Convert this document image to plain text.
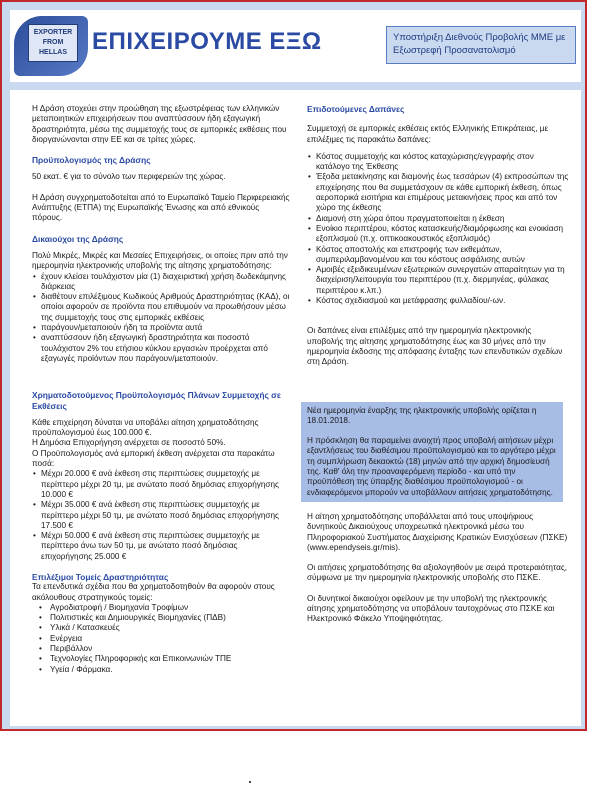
EXPORTER
FROM
HELLAS	ΕΠΙΧΕΙΡΟΥΜΕ ΕΞΩ	Υποστήριξη Διεθνούς Προβολής ΜΜΕ με Εξωστρεφή Προσανατολισμό

Η Δράση στοχεύει στην προώθηση της εξωστρέφειας των ελληνικών μεταποιητικών επιχειρήσεων που αναπτύσσουν ήδη εξαγωγική δραστηριότητα, μέσω της συμμετοχής τους σε εμπορικές εκθέσεις που διοργανώνονται στην ΕΕ και σε τρίτες χώρες.

Προϋπολογισμός της Δράσης

50 εκατ. € για το σύνολο των περιφερειών της χώρας.

Η Δράση συγχρηματοδοτείται από το Ευρωπαϊκό Ταμείο Περιφερειακής Ανάπτυξης (ΕΤΠΑ) της Ευρωπαϊκής Ένωσης και από εθνικούς πόρους.

Δικαιούχοι της Δράσης

Πολύ Μικρές, Μικρές και Μεσαίες Επιχειρήσεις, οι οποίες πριν από την ημερομηνία ηλεκτρονικής υποβολής της αίτησης χρηματοδότησης:

• έχουν κλείσει τουλάχιστον μία (1) διαχειριστική χρήση δωδεκάμηνης διάρκειας
• διαθέτουν επιλέξιμους Κωδικούς Αριθμούς Δραστηριότητας (ΚΑΔ), οι οποίοι αφορούν σε προϊόντα που επιθυμούν να προωθήσουν μέσω της συμμετοχής τους στις εμπορικές εκθέσεις
• παράγουν/μεταποιούν ήδη τα προϊόντα αυτά
• αναπτύσσουν ήδη εξαγωγική δραστηριότητα και ποσοστό τουλάχιστον 2% του ετήσιου κύκλου εργασιών προέρχεται από εξαγωγές προϊόντων που παράγουν/μεταποιούν.

Χρηματοδοτούμενος Προϋπολογισμός Πλάνων Συμμετοχής σε Εκθέσεις

Κάθε επιχείρηση δύναται να υποβάλει αίτηση χρηματοδότησης προϋπολογισμού έως 100.000 €.

Η Δημόσια Επιχορήγηση ανέρχεται σε ποσοστό 50%.

Ο Προϋπολογισμός ανά εμπορική έκθεση ανέρχεται στα παρακάτω ποσά:

• Μέχρι 20.000 € ανά έκθεση στις περιπτώσεις συμμετοχής με περίπτερο μέχρι 20 τμ, με ανώτατο ποσό δημόσιας επιχορήγησης 10.000 €
• Μέχρι 35.000 € ανά έκθεση στις περιπτώσεις συμμετοχής με περίπτερο μέχρι 50 τμ, με ανώτατο ποσό δημόσιας επιχορήγησης 17.500 €
• Μέχρι 50.000 € ανά έκθεση στις περιπτώσεις συμμετοχής με περίπτερο άνω των 50 τμ, με ανώτατο ποσό δημόσιας επιχορήγησης 25.000 €

Επιλέξιμοι Τομείς Δραστηριότητας

Τα επενδυτικά σχέδια που θα χρηματοδοτηθούν θα αφορούν στους ακόλουθους στρατηγικούς τομείς:

• Αγροδιατροφή / Βιομηχανία Τροφίμων
• Πολιτιστικές και Δημιουργικές Βιομηχανίες (ΠΔΒ)
• Υλικά / Κατασκευές
• Ενέργεια
• Περιβάλλον
• Τεχνολογίες Πληροφορικής και Επικοινωνιών ΤΠΕ
• Υγεία / Φάρμακα.

Επιδοτούμενες Δαπάνες

Συμμετοχή σε εμπορικές εκθέσεις εκτός Ελληνικής Επικράτειας, με επιλέξιμες τις παρακάτω δαπάνες:

• Κόστος συμμετοχής και κόστος καταχώρισης/εγγραφής στον κατάλογο της Έκθεσης
• Έξοδα μετακίνησης και διαμονής έως τεσσάρων (4) εκπροσώπων της επιχείρησης που θα συμμετάσχουν σε κάθε εμπορική έκθεση, όπως αεροπορικά εισιτήρια και επιμέρους μετακινήσεις προς και από τον χώρο της έκθεσης
• Διαμονή στη χώρα όπου πραγματοποιείται η έκθεση
• Ενοίκιο περιπτέρου, κόστος κατασκευής/διαμόρφωσης και ενοικίαση εξοπλισμού (π.χ. οπτικοακουστικός εξοπλισμός)
• Κόστος αποστολής και επιστροφής των εκθεμάτων, συμπεριλαμβανομένου και του κόστους ασφάλισης αυτών
• Αμοιβές εξειδικευμένων εξωτερικών συνεργατών απαραίτητων για τη διαχείριση/λειτουργία του περιπτέρου (π.χ. διερμηνέας, φύλακας περιπτέρου κ.λπ.)
• Κόστος σχεδιασμού και μετάφρασης φυλλαδίου/-ων.

Οι δαπάνες είναι επιλέξιμες από την ημερομηνία ηλεκτρονικής υποβολής της αίτησης χρηματοδότησης έως και 30 μήνες από την ημερομηνία έκδοσης της απόφασης ένταξης των επενδυτικών σχεδίων στη Δράση.

Νέα ημερομηνία έναρξης της ηλεκτρονικής υποβολής ορίζεται η 18.01.2018.

Η πρόσκληση θα παραμείνει ανοιχτή προς υποβολή αιτήσεων μέχρι εξαντλήσεως του διαθέσιμου προϋπολογισμού και το αργότερο μέχρι τη συμπλήρωση δεκαοκτώ (18) μηνών από την αρχική δημοσίευσή της. Καθ' όλη την προαναφερόμενη περίοδο - και υπό την προϋπόθεση της ύπαρξης διαθέσιμου προϋπολογισμού - οι ενδιαφερόμενοι μπορούν να υποβάλλουν αιτήσεις χρηματοδότησης.

Η αίτηση χρηματοδότησης υποβάλλεται από τους υποψήφιους δυνητικούς Δικαιούχους υποχρεωτικά ηλεκτρονικά μέσω του Πληροφοριακού Συστήματος Διαχείρισης Κρατικών Ενισχύσεων (ΠΣΚΕ) (www.ependyseis.gr/mis).

Οι αιτήσεις χρηματοδότησης θα αξιολογηθούν με σειρά προτεραιότητας, σύμφωνα με την ημερομηνία ηλεκτρονικής υποβολής στο ΠΣΚΕ.

Οι δυνητικοί δικαιούχοι οφείλουν με την υποβολή της ηλεκτρονικής αίτησης χρηματοδότησης να υποβάλουν ταυτοχρόνως στο ΠΣΚΕ και Ηλεκτρονικό Φάκελο Υποψηφιότητας.
